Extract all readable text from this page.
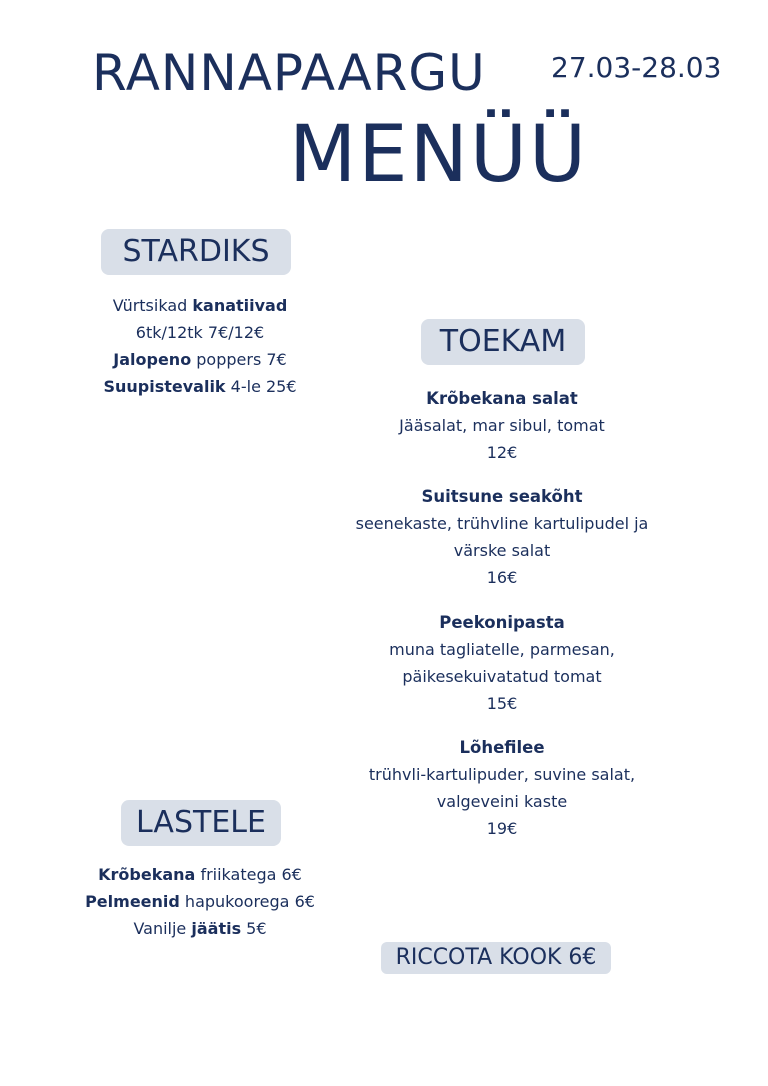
RANNAPAARGU 27.03-28.03
MENÜÜ
STARDIKS
Vürtsikad kanatiivad
6tk/12tk 7€/12€
Jalopeno poppers 7€
Suupistevalik 4-le 25€
TOEKAM
Krõbekana salat
Jääsalat, mar sibul, tomat
12€
Suitsune seakõht
seenekaste, trühvline kartulipudel ja
värske salat
16€
Peekonipasta
muna tagliatelle, parmesan,
päikesekuivatatud tomat
15€
Lõhefilee
trühvli-kartulipuder, suvine salat,
valgeveini kaste
19€
LASTELE
Krõbekana friikatega 6€
Pelmeenid hapukoorega 6€
Vanilje jäätis 5€
RICCOTA KOOK 6€
